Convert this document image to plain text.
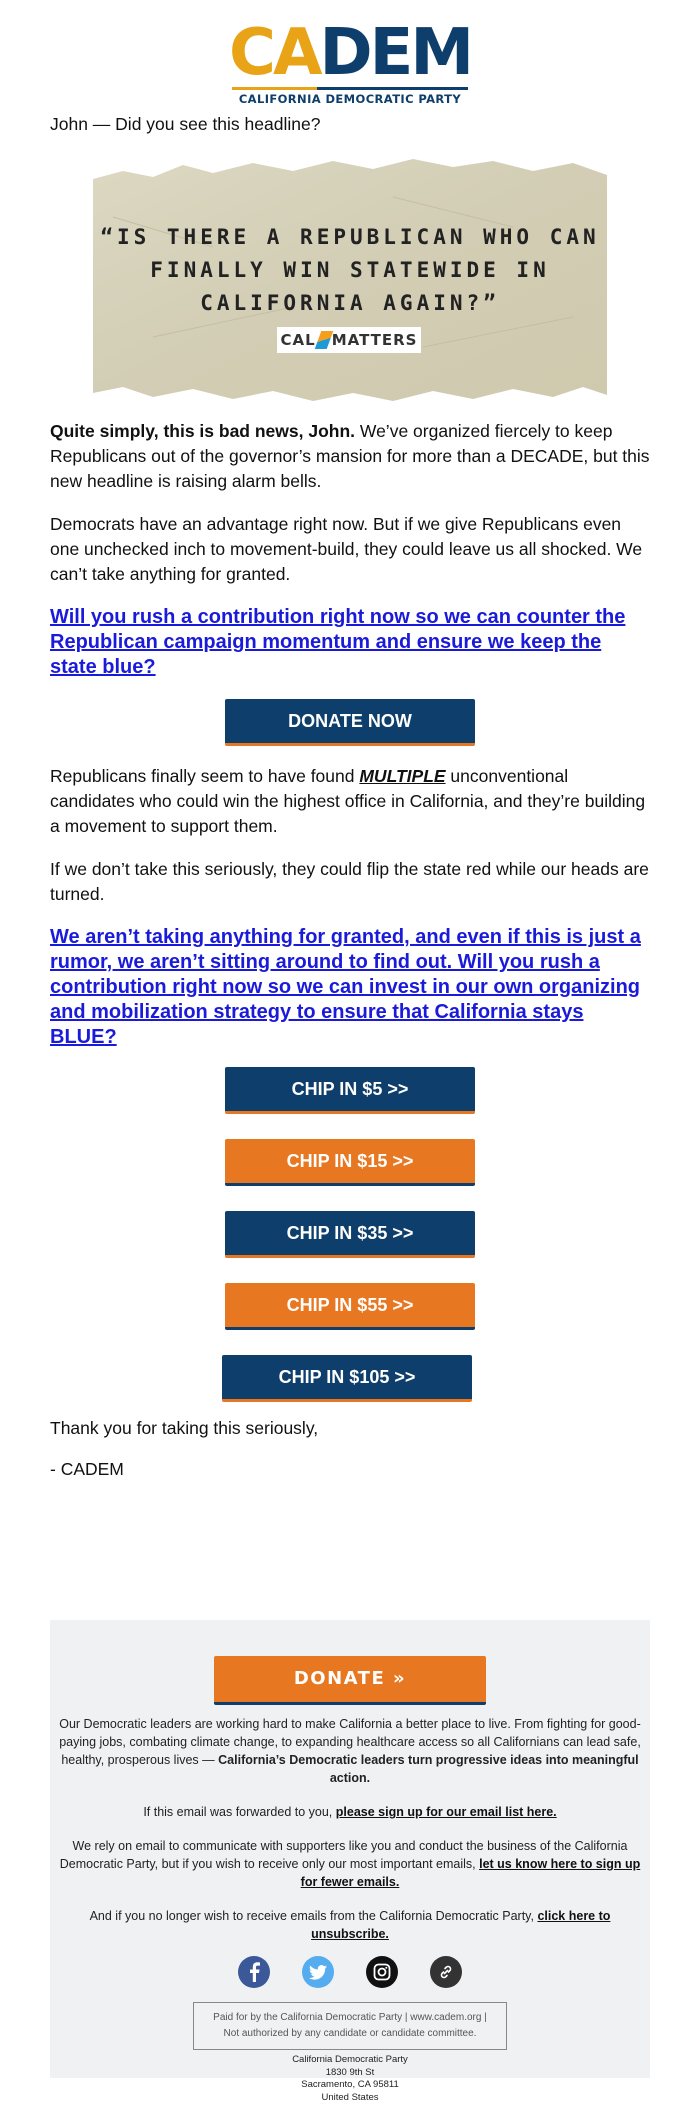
CADEM
CALIFORNIA DEMOCRATIC PARTY

John — Did you see this headline?

“IS THERE A REPUBLICAN WHO CAN
FINALLY WIN STATEWIDE IN
CALIFORNIA AGAIN?”
CAL MATTERS

Quite simply, this is bad news, John. We’ve organized fiercely to keep Republicans out of the governor’s mansion for more than a DECADE, but this new headline is raising alarm bells.

Democrats have an advantage right now. But if we give Republicans even one unchecked inch to movement-build, they could leave us all shocked. We can’t take anything for granted.

Will you rush a contribution right now so we can counter the Republican campaign momentum and ensure we keep the state blue?
DONATE NOW

Republicans finally seem to have found MULTIPLE unconventional candidates who could win the highest office in California, and they’re building a movement to support them.

If we don’t take this seriously, they could flip the state red while our heads are turned.

We aren’t taking anything for granted, and even if this is just a rumor, we aren’t sitting around to find out. Will you rush a contribution right now so we can invest in our own organizing and mobilization strategy to ensure that California stays BLUE?
CHIP IN $5 >>
CHIP IN $15 >>
CHIP IN $35 >>
CHIP IN $55 >>
CHIP IN $105 >>

Thank you for taking this seriously,

- CADEM

DONATE »

Our Democratic leaders are working hard to make California a better place to live. From fighting for good-paying jobs, combating climate change, to expanding healthcare access so all Californians can lead safe, healthy, prosperous lives — California’s Democratic leaders turn progressive ideas into meaningful action.

If this email was forwarded to you, please sign up for our email list here.

We rely on email to communicate with supporters like you and conduct the business of the California Democratic Party, but if you wish to receive only our most important emails, let us know here to sign up for fewer emails.

And if you no longer wish to receive emails from the California Democratic Party, click here to unsubscribe.

Paid for by the California Democratic Party | www.cadem.org |
Not authorized by any candidate or candidate committee.
California Democratic Party
1830 9th St
Sacramento, CA 95811
United States
